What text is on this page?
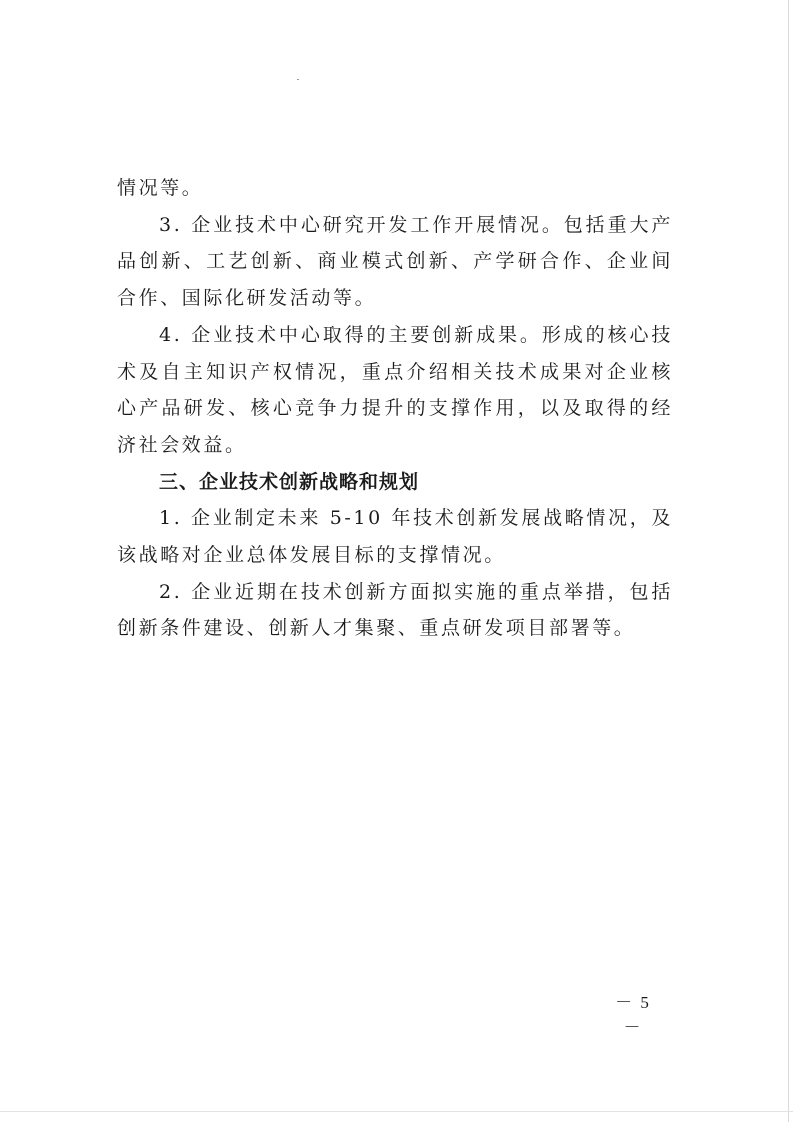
情况等。

3. 企业技术中心研究开发工作开展情况。包括重大产品创新、工艺创新、商业模式创新、产学研合作、企业间合作、国际化研发活动等。

4. 企业技术中心取得的主要创新成果。形成的核心技术及自主知识产权情况，重点介绍相关技术成果对企业核心产品研发、核心竞争力提升的支撑作用，以及取得的经济社会效益。

三、企业技术创新战略和规划

1. 企业制定未来 5-10 年技术创新发展战略情况，及该战略对企业总体发展目标的支撑情况。

2. 企业近期在技术创新方面拟实施的重点举措，包括创新条件建设、创新人才集聚、重点研发项目部署等。

－ 5 －
